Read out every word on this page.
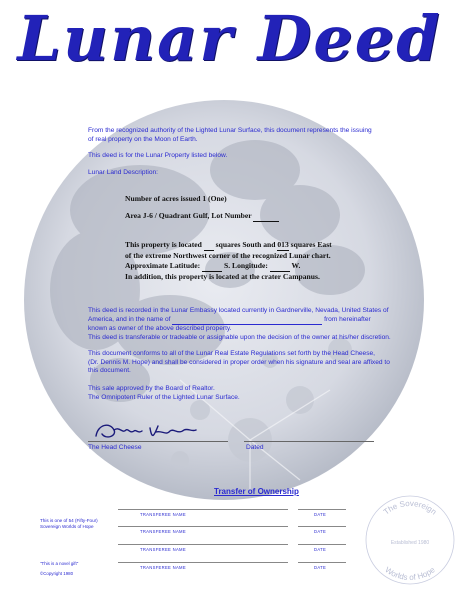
Lunar Deed
From the recognized authority of the Lighted Lunar Surface, this document represents the issuing
of real property on the Moon of Earth.
This deed is for the Lunar Property listed below.
Lunar Land Description:
Number of acres issued 1 (One)
Area J-6 / Quadrant Gulf, Lot Number
This property is located squares South and 013 squares East
of the extreme Northwest corner of the recognized Lunar chart.
Approximate Latitude:	S. Longitude:	W.
In addition, this property is located at the crater Campanus.
This deed is recorded in the Lunar Embassy located currently in Gardnerville, Nevada, United States of
America, and in the name of	from hereinafter
known as owner of the above described property.
This deed is transferable or tradeable or assignable upon the decision of the owner at his/her discretion.
This document conforms to all of the Lunar Real Estate Regulations set forth by the Head Cheese,
(Dr. Dennis M. Hope) and shall be considered in proper order when his signature and seal are affixed to
this document.
This sale approved by the Board of Realtor.
The Omnipotent Ruler of the Lighted Lunar Surface.
The Head Cheese	Dated
Transfer of Ownership
This is one of 54 (Fifty-Four)
Sovereign Worlds of Hope
"This is a novel gift"
©Copyright 1980
TRANSFEREE NAME	DATE
TRANSFEREE NAME	DATE
TRANSFEREE NAME	DATE
TRANSFEREE NAME	DATE
The Sovereign
Established 1980
Worlds of Hope
